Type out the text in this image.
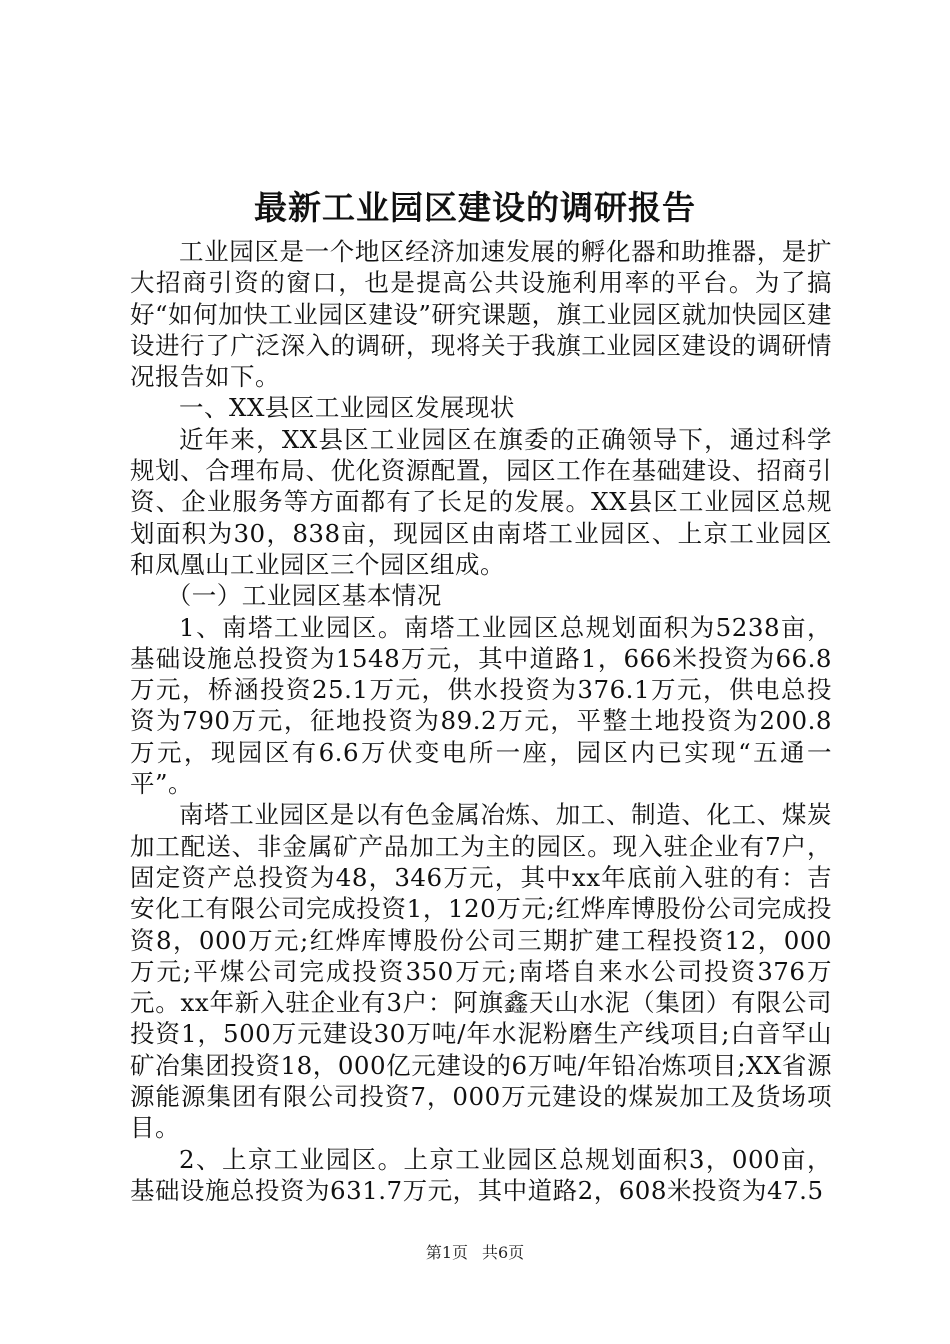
最新工业园区建设的调研报告

工业园区是一个地区经济加速发展的孵化器和助推器，是扩大招商引资的窗口，也是提高公共设施利用率的平台。为了搞好“如何加快工业园区建设”研究课题，旗工业园区就加快园区建设进行了广泛深入的调研，现将关于我旗工业园区建设的调研情况报告如下。

一、XX县区工业园区发展现状

近年来，XX县区工业园区在旗委的正确领导下，通过科学规划、合理布局、优化资源配置，园区工作在基础建设、招商引资、企业服务等方面都有了长足的发展。XX县区工业园区总规划面积为30，838亩，现园区由南塔工业园区、上京工业园区和凤凰山工业园区三个园区组成。

（一）工业园区基本情况

1、南塔工业园区。南塔工业园区总规划面积为5238亩，基础设施总投资为1548万元，其中道路1，666米投资为66.8万元，桥涵投资25.1万元，供水投资为376.1万元，供电总投资为790万元，征地投资为89.2万元，平整土地投资为200.8万元，现园区有6.6万伏变电所一座，园区内已实现“五通一平”。

南塔工业园区是以有色金属冶炼、加工、制造、化工、煤炭加工配送、非金属矿产品加工为主的园区。现入驻企业有7户，固定资产总投资为48，346万元，其中xx年底前入驻的有：吉安化工有限公司完成投资1，120万元;红烨库博股份公司完成投资8，000万元;红烨库博股份公司三期扩建工程投资12，000万元;平煤公司完成投资350万元;南塔自来水公司投资376万元。xx年新入驻企业有3户：阿旗鑫天山水泥（集团）有限公司投资1，500万元建设30万吨/年水泥粉磨生产线项目;白音罕山矿冶集团投资18，000亿元建设的6万吨/年铅冶炼项目;XX省源源能源集团有限公司投资7，000万元建设的煤炭加工及货场项目。

2、上京工业园区。上京工业园区总规划面积3，000亩，基础设施总投资为631.7万元，其中道路2，608米投资为47.5

第1页 共6页
